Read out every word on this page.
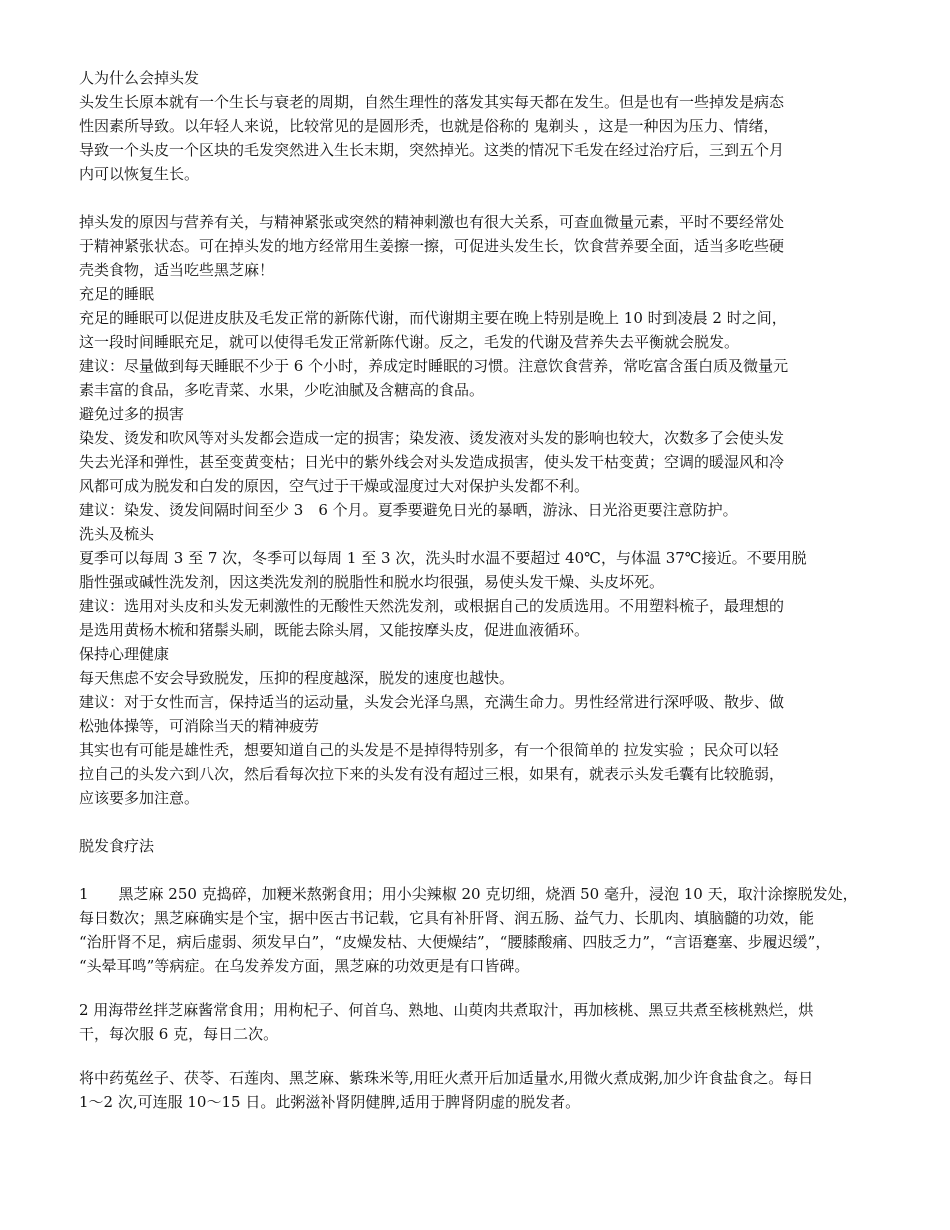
人为什么会掉头发
头发生长原本就有一个生长与衰老的周期，自然生理性的落发其实每天都在发生。但是也有一些掉发是病态
性因素所导致。以年轻人来说，比较常见的是圆形秃，也就是俗称的 鬼剃头 ，这是一种因为压力、情绪，
导致一个头皮一个区块的毛发突然进入生长末期，突然掉光。这类的情况下毛发在经过治疗后，三到五个月
内可以恢复生长。
掉头发的原因与营养有关，与精神紧张或突然的精神刺激也有很大关系，可查血微量元素，平时不要经常处
于精神紧张状态。可在掉头发的地方经常用生姜擦一擦，可促进头发生长，饮食营养要全面，适当多吃些硬
壳类食物，适当吃些黑芝麻！
充足的睡眠
充足的睡眠可以促进皮肤及毛发正常的新陈代谢，而代谢期主要在晚上特别是晚上 10 时到凌晨 2 时之间，
这一段时间睡眠充足，就可以使得毛发正常新陈代谢。反之，毛发的代谢及营养失去平衡就会脱发。
建议：尽量做到每天睡眠不少于 6 个小时，养成定时睡眠的习惯。注意饮食营养，常吃富含蛋白质及微量元
素丰富的食品，多吃青菜、水果，少吃油腻及含糖高的食品。
避免过多的损害
染发、烫发和吹风等对头发都会造成一定的损害；染发液、烫发液对头发的影响也较大，次数多了会使头发
失去光泽和弹性，甚至变黄变枯；日光中的紫外线会对头发造成损害，使头发干枯变黄；空调的暖湿风和冷
风都可成为脱发和白发的原因，空气过于干燥或湿度过大对保护头发都不利。
建议：染发、烫发间隔时间至少 3　6 个月。夏季要避免日光的暴晒，游泳、日光浴更要注意防护。
洗头及梳头
夏季可以每周 3 至 7 次，冬季可以每周 1 至 3 次，洗头时水温不要超过 40℃，与体温 37℃接近。不要用脱
脂性强或碱性洗发剂，因这类洗发剂的脱脂性和脱水均很强，易使头发干燥、头皮坏死。
建议：选用对头皮和头发无刺激性的无酸性天然洗发剂，或根据自己的发质选用。不用塑料梳子，最理想的
是选用黄杨木梳和猪鬃头刷，既能去除头屑，又能按摩头皮，促进血液循环。
保持心理健康
每天焦虑不安会导致脱发，压抑的程度越深，脱发的速度也越快。
建议：对于女性而言，保持适当的运动量，头发会光泽乌黑，充满生命力。男性经常进行深呼吸、散步、做
松弛体操等，可消除当天的精神疲劳
其实也有可能是雄性秃，想要知道自己的头发是不是掉得特别多，有一个很简单的 拉发实验 ；民众可以轻
拉自己的头发六到八次，然后看每次拉下来的头发有没有超过三根，如果有，就表示头发毛囊有比较脆弱，
应该要多加注意。
脱发食疗法
1　　黑芝麻 250 克捣碎，加粳米熬粥食用；用小尖辣椒 20 克切细，烧酒 50 毫升，浸泡 10 天，取汁涂擦脱发处，
每日数次；黑芝麻确实是个宝，据中医古书记载，它具有补肝肾、润五肠、益气力、长肌肉、填脑髓的功效，能
“治肝肾不足，病后虚弱、须发早白”，“皮燥发枯、大便燥结”，“腰膝酸痛、四肢乏力”，“言语蹇塞、步履迟缓”，
“头晕耳鸣”等病症。在乌发养发方面，黑芝麻的功效更是有口皆碑。
2 用海带丝拌芝麻酱常食用；用枸杞子、何首乌、熟地、山萸肉共煮取汁，再加核桃、黑豆共煮至核桃熟烂，烘
干，每次服 6 克，每日二次。
将中药菟丝子、茯苓、石莲肉、黑芝麻、紫珠米等,用旺火煮开后加适量水,用微火煮成粥,加少许食盐食之。每日
1～2 次,可连服 10～15 日。此粥滋补肾阴健脾,适用于脾肾阴虚的脱发者。
